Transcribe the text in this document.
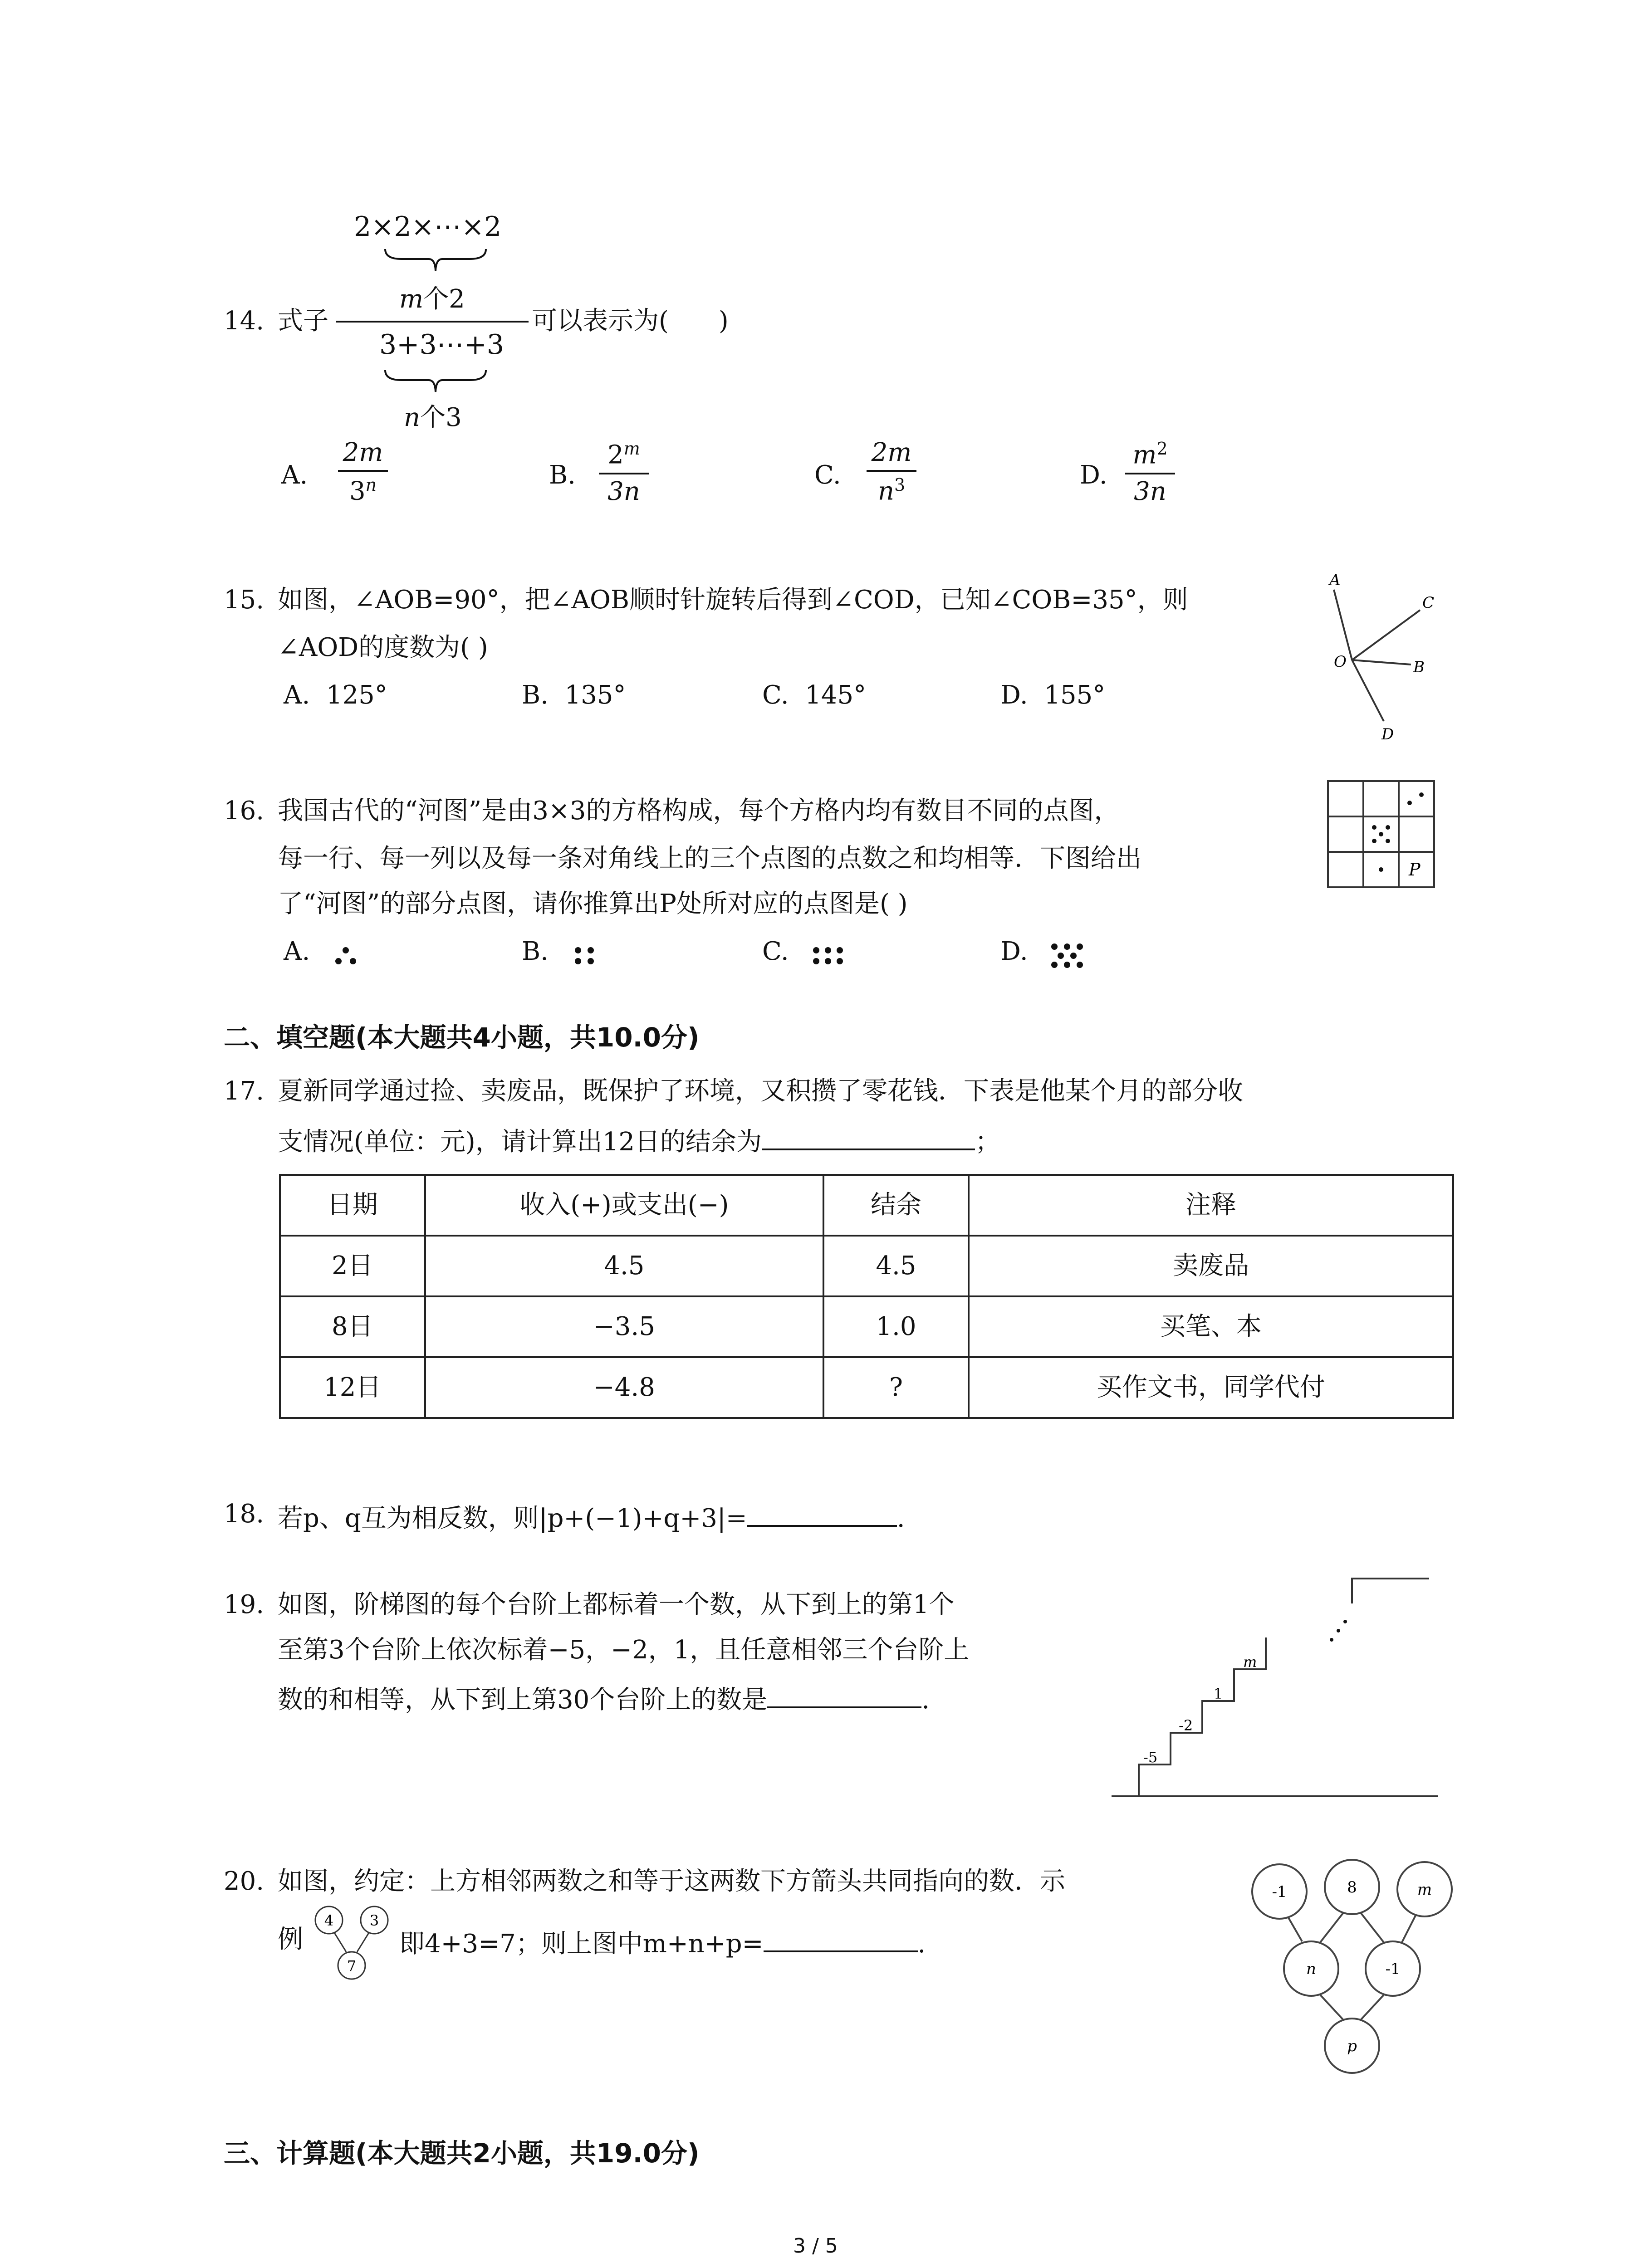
2×2×⋯×2
m个2
14. 式子	可以表示为( )
3+3⋯+3
n个3
A.
2m
3$^n$	B.
2$^m$
3n
C.
2m
$n^3$	D.
$m^2$
3n
15. 如图，∠AOB=90°，把∠AOB顺时针旋转后得到∠COD，已知∠COB=35°，则
∠AOD的度数为( )
A. 125°	B. 135°	C. 145°	D. 155°
A
C
O	B
D
16. 我国古代的“河图”是由3×3的方格构成，每个方格内均有数目不同的点图，
每一行、每一列以及每一条对角线上的三个点图的点数之和均相等．下图给出
了“河图”的部分点图，请你推算出P处所对应的点图是( )
A.	B.	C.	D.
P
二、填空题(本大题共4小题，共10.0分)
17. 夏新同学通过捡、卖废品，既保护了环境，又积攒了零花钱．下表是他某个月的部分收
支情况(单位：元)，请计算出12日的结余为	；
日期	收入(+)或支出(−)	结余	注释
2日	4.5	4.5	卖废品
8日	−3.5	1.0	买笔、本
12日	−4.8	?	买作文书，同学代付
18. 若p、q互为相反数，则|p+(−1)+q+3|=	.
19. 如图，阶梯图的每个台阶上都标着一个数，从下到上的第1个
至第3个台阶上依次标着−5，−2，1，且任意相邻三个台阶上
数的和相等，从下到上第30个台阶上的数是	.
-5
-2
1
m
20. 如图，约定：上方相邻两数之和等于这两数下方箭头共同指向的数．示
例
4 3
7
即4+3=7；则上图中m+n+p=	.
-1	8	m
n	-1
p
三、计算题(本大题共2小题，共19.0分)
3 / 5
